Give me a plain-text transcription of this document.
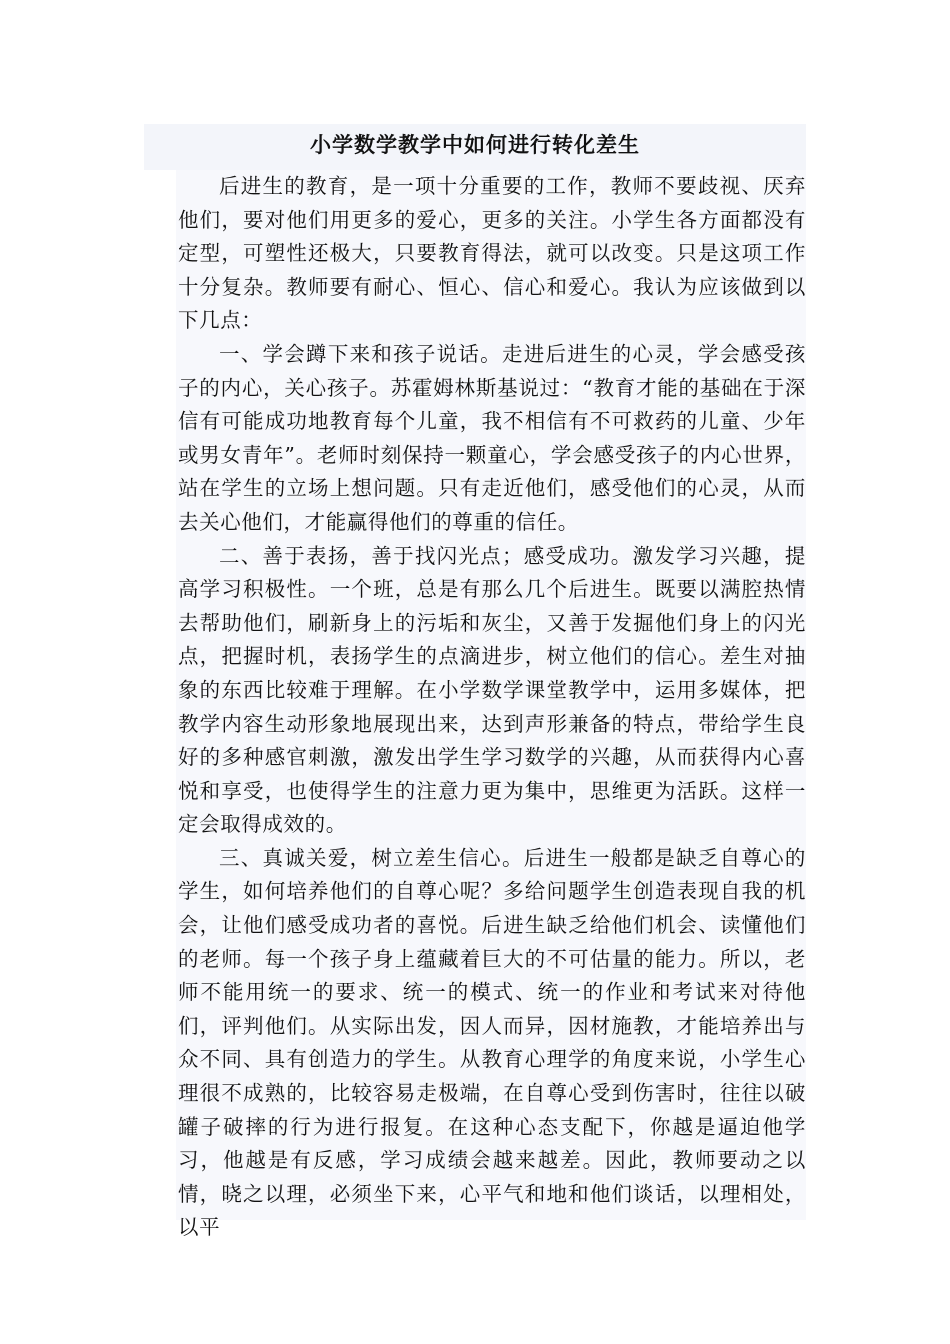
小学数学教学中如何进行转化差生

后进生的教育，是一项十分重要的工作，教师不要歧视、厌弃他们，要对他们用更多的爱心，更多的关注。小学生各方面都没有定型，可塑性还极大，只要教育得法，就可以改变。只是这项工作十分复杂。教师要有耐心、恒心、信心和爱心。我认为应该做到以下几点：

一、学会蹲下来和孩子说话。走进后进生的心灵，学会感受孩子的内心，关心孩子。苏霍姆林斯基说过：“教育才能的基础在于深信有可能成功地教育每个儿童，我不相信有不可救药的儿童、少年或男女青年”。老师时刻保持一颗童心，学会感受孩子的内心世界，站在学生的立场上想问题。只有走近他们，感受他们的心灵，从而去关心他们，才能赢得他们的尊重的信任。

二、善于表扬，善于找闪光点；感受成功。激发学习兴趣，提高学习积极性。一个班，总是有那么几个后进生。既要以满腔热情去帮助他们，刷新身上的污垢和灰尘，又善于发掘他们身上的闪光点，把握时机，表扬学生的点滴进步，树立他们的信心。差生对抽象的东西比较难于理解。在小学数学课堂教学中，运用多媒体，把教学内容生动形象地展现出来，达到声形兼备的特点，带给学生良好的多种感官刺激，激发出学生学习数学的兴趣，从而获得内心喜悦和享受，也使得学生的注意力更为集中，思维更为活跃。这样一定会取得成效的。

三、真诚关爱，树立差生信心。后进生一般都是缺乏自尊心的学生，如何培养他们的自尊心呢？多给问题学生创造表现自我的机会，让他们感受成功者的喜悦。后进生缺乏给他们机会、读懂他们的老师。每一个孩子身上蕴藏着巨大的不可估量的能力。所以，老师不能用统一的要求、统一的模式、统一的作业和考试来对待他们，评判他们。从实际出发，因人而异，因材施教，才能培养出与众不同、具有创造力的学生。从教育心理学的角度来说，小学生心理很不成熟的，比较容易走极端，在自尊心受到伤害时，往往以破罐子破摔的行为进行报复。在这种心态支配下，你越是逼迫他学习，他越是有反感，学习成绩会越来越差。因此，教师要动之以情，晓之以理，必须坐下来，心平气和地和他们谈话，以理相处，以平
